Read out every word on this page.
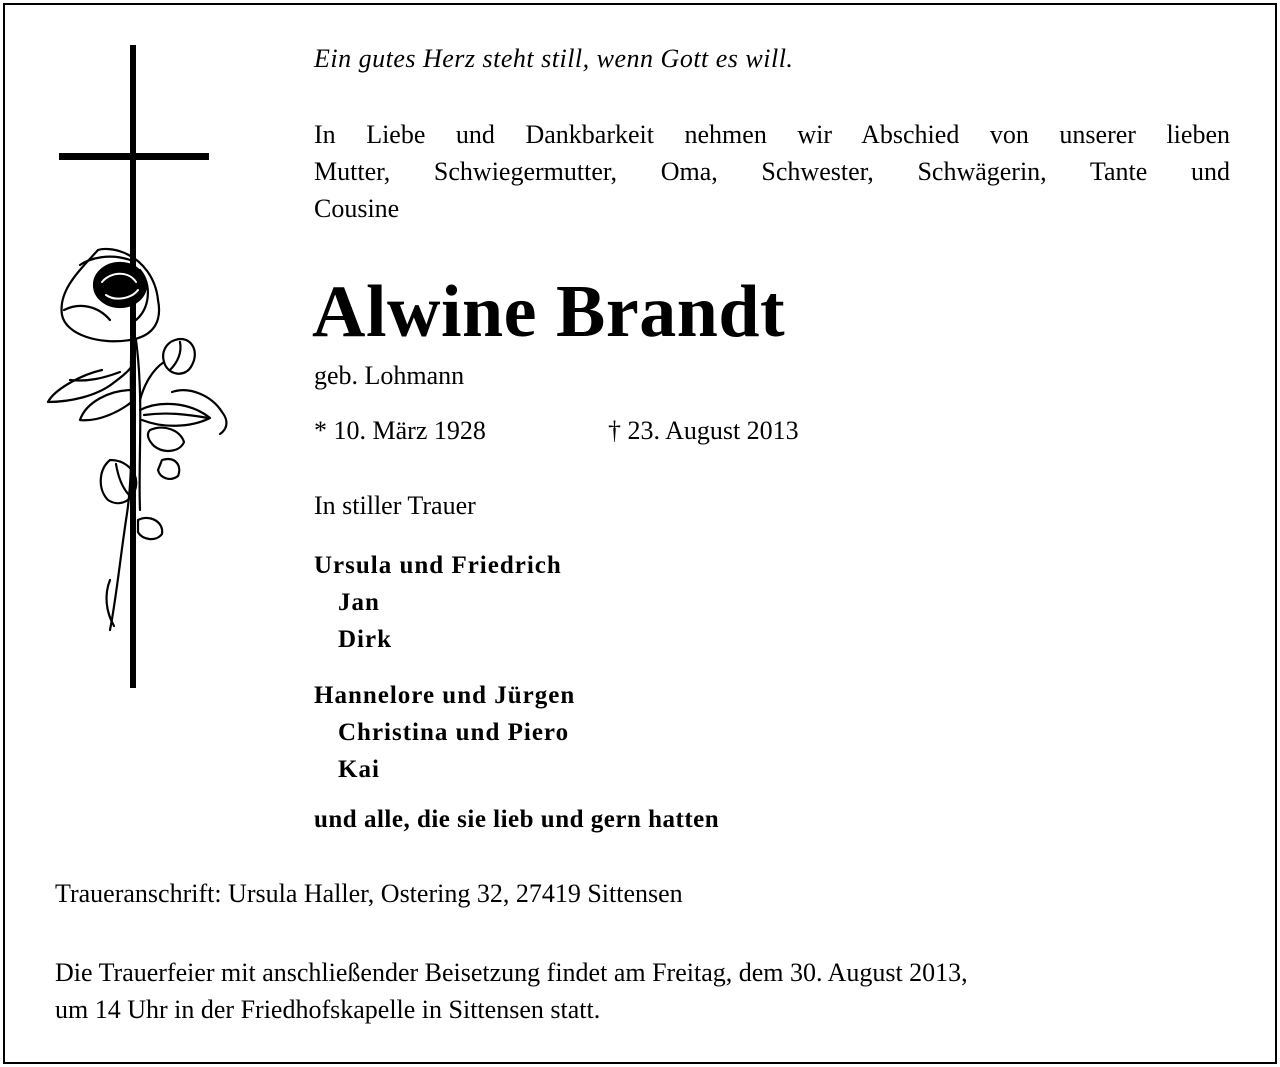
Ein gutes Herz steht still, wenn Gott es will.

In Liebe und Dankbarkeit nehmen wir Abschied von unserer lieben
Mutter, Schwiegermutter, Oma, Schwester, Schwägerin, Tante und
Cousine
Alwine Brandt

geb. Lohmann

* 10. März 1928	† 23. August 2013

In stiller Trauer

Ursula und Friedrich
Jan
Dirk
Hannelore und Jürgen
Christina und Piero
Kai

und alle, die sie lieb und gern hatten

Traueranschrift: Ursula Haller, Ostering 32, 27419 Sittensen

Die Trauerfeier mit anschließender Beisetzung findet am Freitag, dem 30. August 2013,
um 14 Uhr in der Friedhofskapelle in Sittensen statt.
